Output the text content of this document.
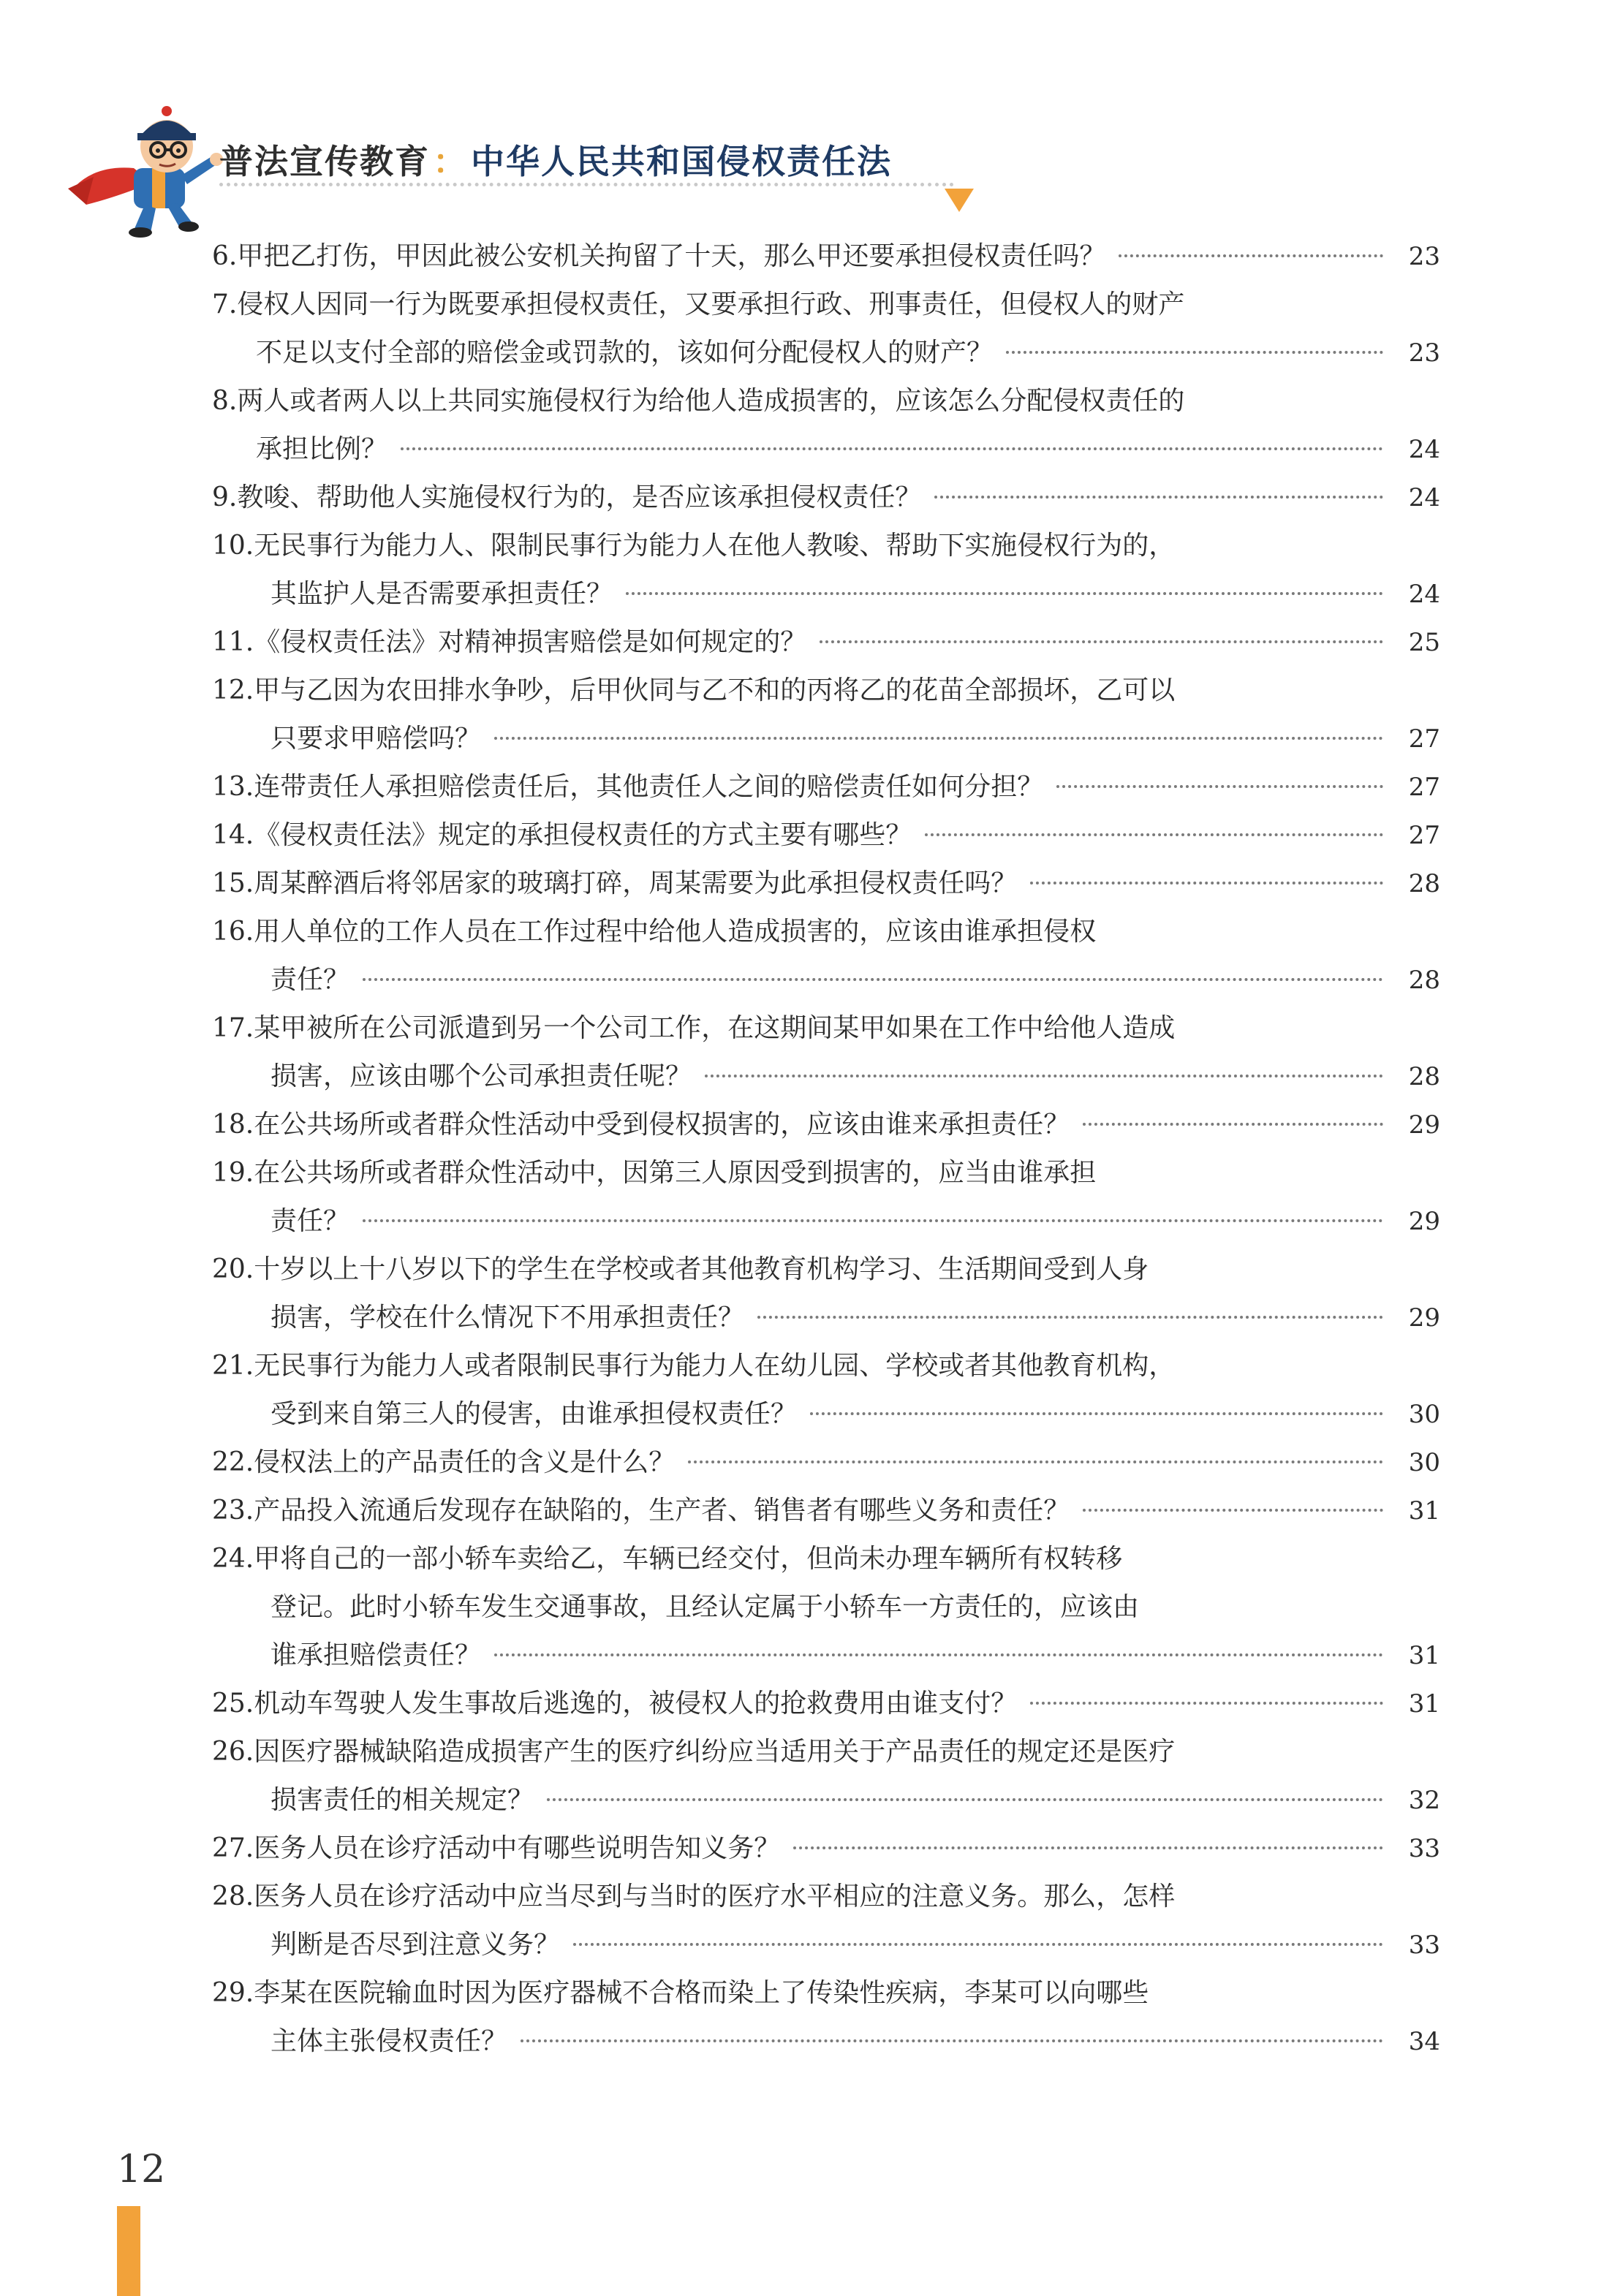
普法宣传教育：中华人民共和国侵权责任法
6. 甲把乙打伤，甲因此被公安机关拘留了十天，那么甲还要承担侵权责任吗？	23
7. 侵权人因同一行为既要承担侵权责任，又要承担行政、刑事责任，但侵权人的财产
不足以支付全部的赔偿金或罚款的，该如何分配侵权人的财产？	23
8. 两人或者两人以上共同实施侵权行为给他人造成损害的，应该怎么分配侵权责任的
承担比例？	24
9. 教唆、帮助他人实施侵权行为的，是否应该承担侵权责任？	24
10. 无民事行为能力人、限制民事行为能力人在他人教唆、帮助下实施侵权行为的，
其监护人是否需要承担责任？	24
11. 《侵权责任法》对精神损害赔偿是如何规定的？	25
12. 甲与乙因为农田排水争吵，后甲伙同与乙不和的丙将乙的花苗全部损坏，乙可以
只要求甲赔偿吗？	27
13. 连带责任人承担赔偿责任后，其他责任人之间的赔偿责任如何分担？	27
14. 《侵权责任法》规定的承担侵权责任的方式主要有哪些？	27
15. 周某醉酒后将邻居家的玻璃打碎，周某需要为此承担侵权责任吗？	28
16. 用人单位的工作人员在工作过程中给他人造成损害的，应该由谁承担侵权
责任？	28
17. 某甲被所在公司派遣到另一个公司工作，在这期间某甲如果在工作中给他人造成
损害，应该由哪个公司承担责任呢？	28
18. 在公共场所或者群众性活动中受到侵权损害的，应该由谁来承担责任？	29
19. 在公共场所或者群众性活动中，因第三人原因受到损害的，应当由谁承担
责任？	29
20. 十岁以上十八岁以下的学生在学校或者其他教育机构学习、生活期间受到人身
损害，学校在什么情况下不用承担责任？	29
21. 无民事行为能力人或者限制民事行为能力人在幼儿园、学校或者其他教育机构，
受到来自第三人的侵害，由谁承担侵权责任？	30
22. 侵权法上的产品责任的含义是什么？	30
23. 产品投入流通后发现存在缺陷的，生产者、销售者有哪些义务和责任？	31
24. 甲将自己的一部小轿车卖给乙，车辆已经交付，但尚未办理车辆所有权转移
登记。此时小轿车发生交通事故，且经认定属于小轿车一方责任的，应该由
谁承担赔偿责任？	31
25. 机动车驾驶人发生事故后逃逸的，被侵权人的抢救费用由谁支付？	31
26. 因医疗器械缺陷造成损害产生的医疗纠纷应当适用关于产品责任的规定还是医疗
损害责任的相关规定？	32
27. 医务人员在诊疗活动中有哪些说明告知义务？	33
28. 医务人员在诊疗活动中应当尽到与当时的医疗水平相应的注意义务。那么，怎样
判断是否尽到注意义务？	33
29. 李某在医院输血时因为医疗器械不合格而染上了传染性疾病，李某可以向哪些
主体主张侵权责任？	34
12
